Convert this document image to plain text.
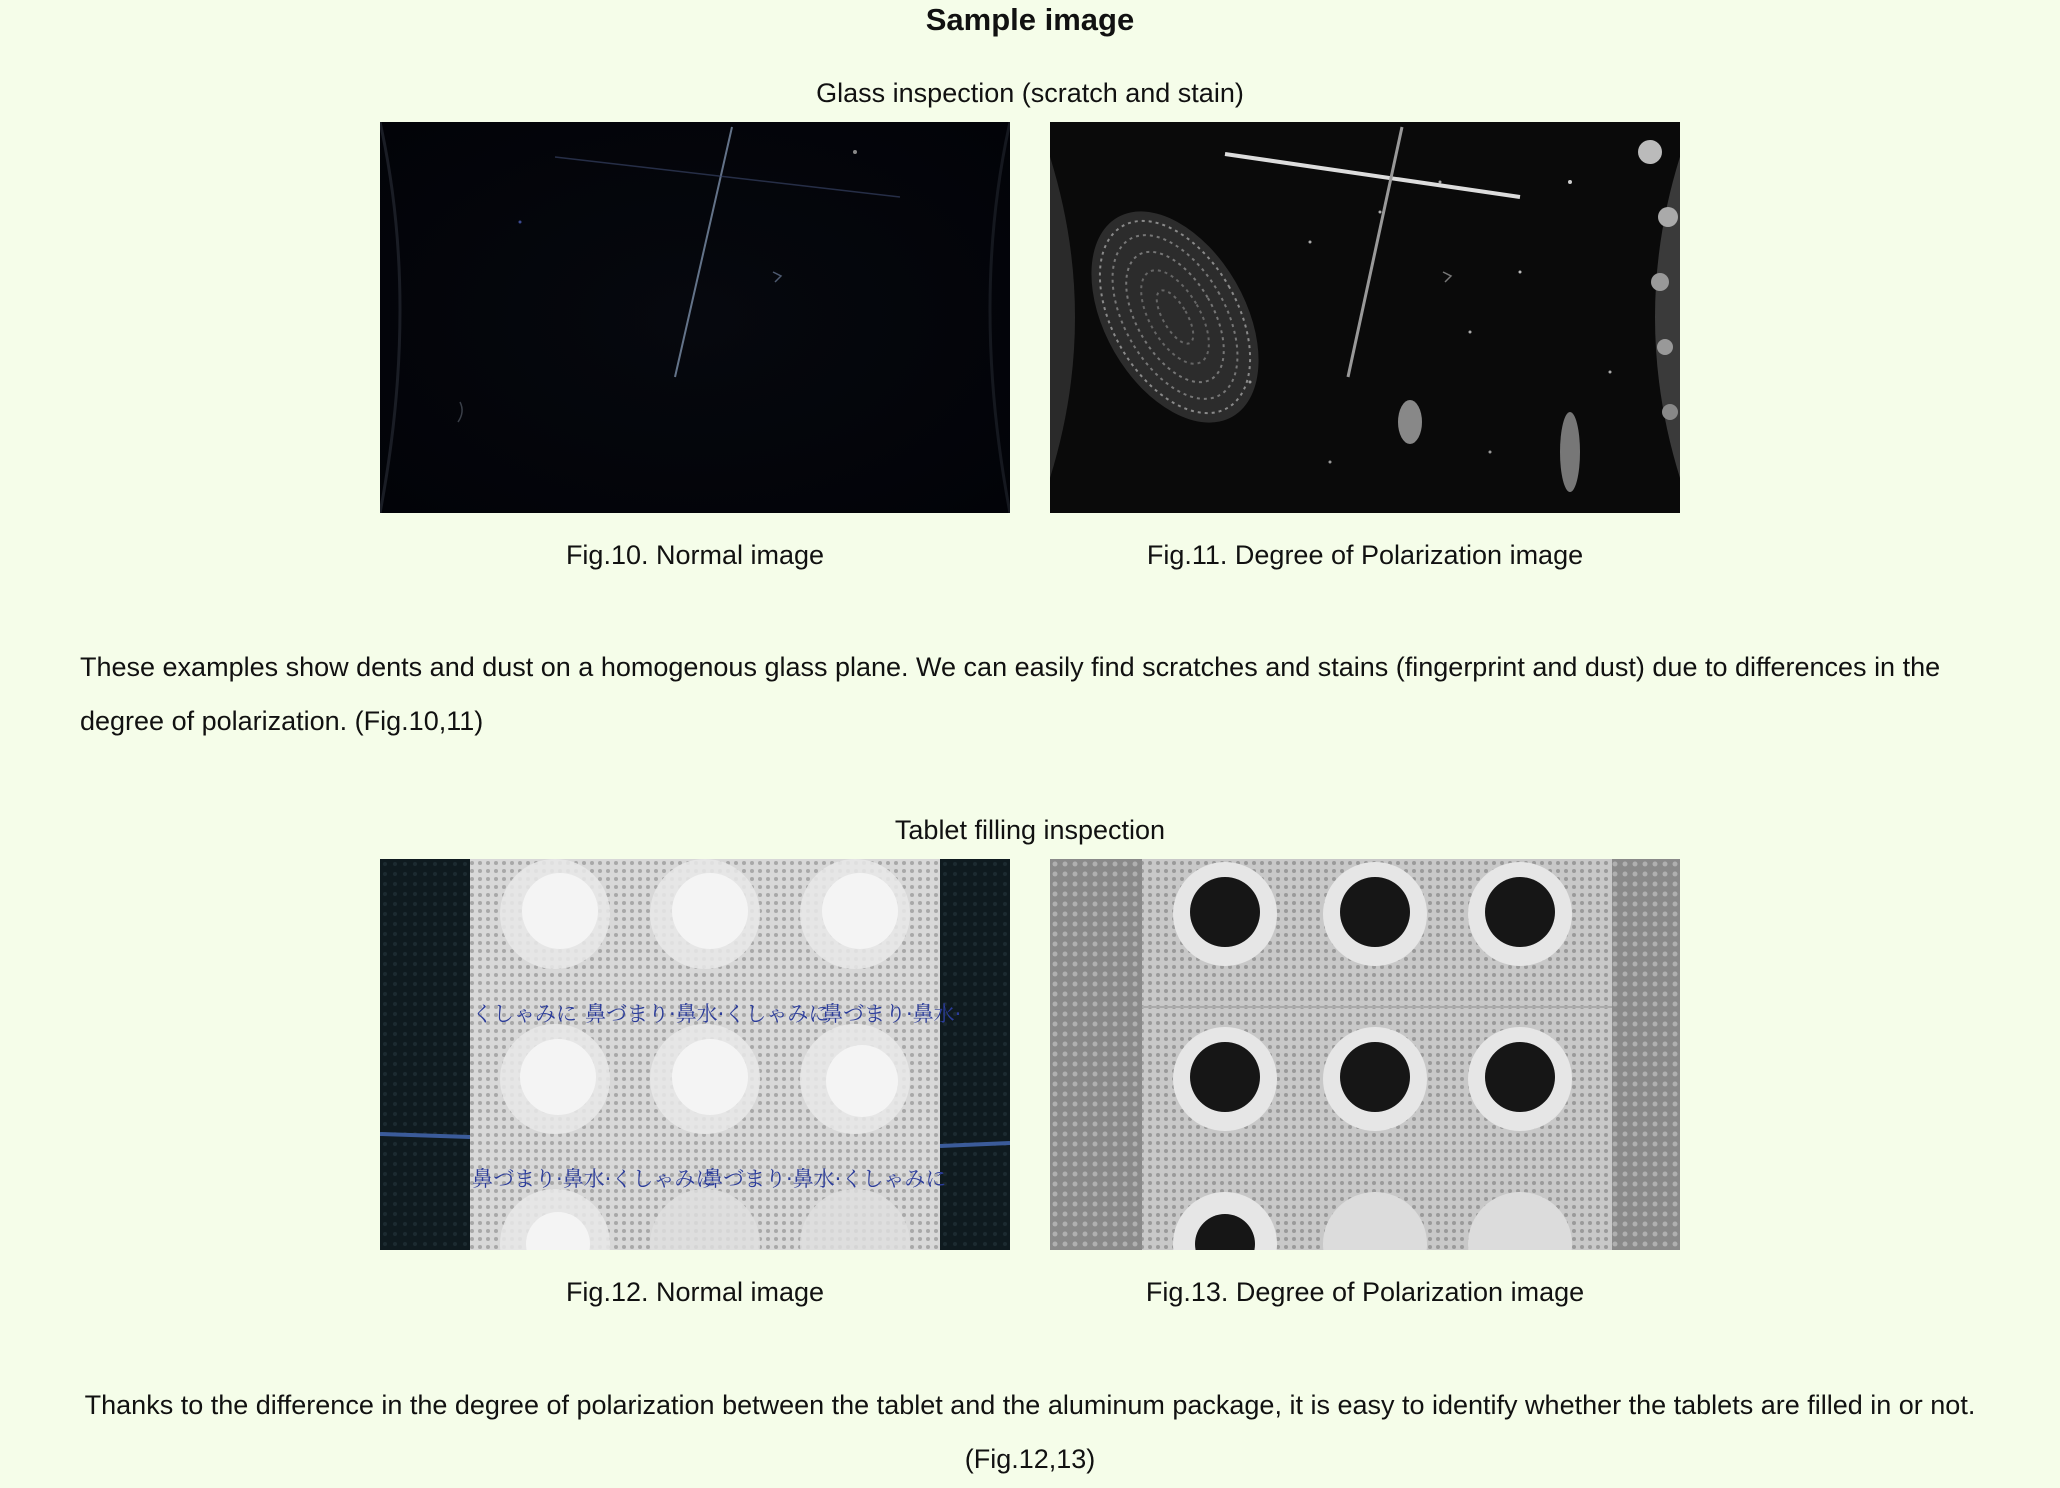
Sample image
Glass inspection (scratch and stain)
Fig.10. Normal image	Fig.11. Degree of Polarization image
These examples show dents and dust on a homogenous glass plane. We can easily find scratches and stains (fingerprint and dust) due to differences in the degree of polarization. (Fig.10,11)
Tablet filling inspection
くしゃみに 鼻づまり·鼻水·くしゃみに
鼻づまり·鼻水·
鼻づまり·鼻水·くしゃみに
鼻づまり·鼻水·くしゃみに
Fig.12. Normal image	Fig.13. Degree of Polarization image
Thanks to the difference in the degree of polarization between the tablet and the aluminum package, it is easy to identify whether the tablets are filled in or not. (Fig.12,13)
